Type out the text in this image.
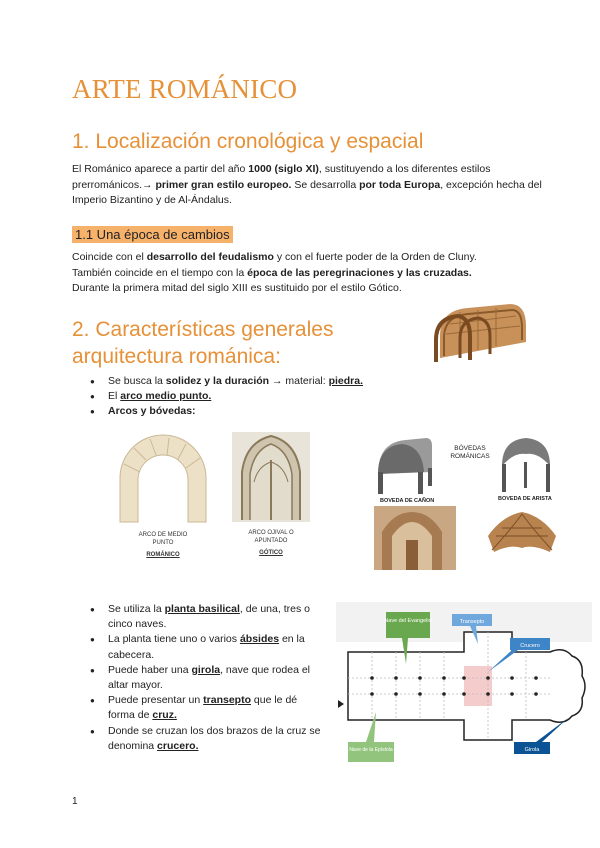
ARTE ROMÁNICO
1. Localización cronológica y espacial
El Románico aparece a partir del año 1000 (siglo XI), sustituyendo a los diferentes estilos prerrománicos.→ primer gran estilo europeo. Se desarrolla por toda Europa, excepción hecha del Imperio Bizantino y de Al-Ándalus.
1.1 Una época de cambios
Coincide con el desarrollo del feudalismo y con el fuerte poder de la Orden de Cluny.
También coincide en el tiempo con la época de las peregrinaciones y las cruzadas.
Durante la primera mitad del siglo XIII es sustituido por el estilo Gótico.
2. Características generales
arquitectura románica:
● Se busca la solidez y la duración → material: piedra.
● El arco medio punto.
● Arcos y bóvedas:
ARCO DE MEDIO
PUNTO
ROMÁNICO
ARCO OJIVAL O
APUNTADO
GÓTICO
BOVEDA DE CAÑON	BOVEDA DE ARISTA
BÓVEDAS
ROMÁNICAS
● Se utiliza la planta basilical, de una, tres o cinco naves.
● La planta tiene uno o varios ábsides en la cabecera.
● Puede haber una girola, nave que rodea el altar mayor.
● Puede presentar un transepto que le dé forma de cruz.
● Donde se cruzan los dos brazos de la cruz se denomina crucero.
Nave del Evangelio	Transepto
Crucero
Nave de la Epístola	Girola
1
